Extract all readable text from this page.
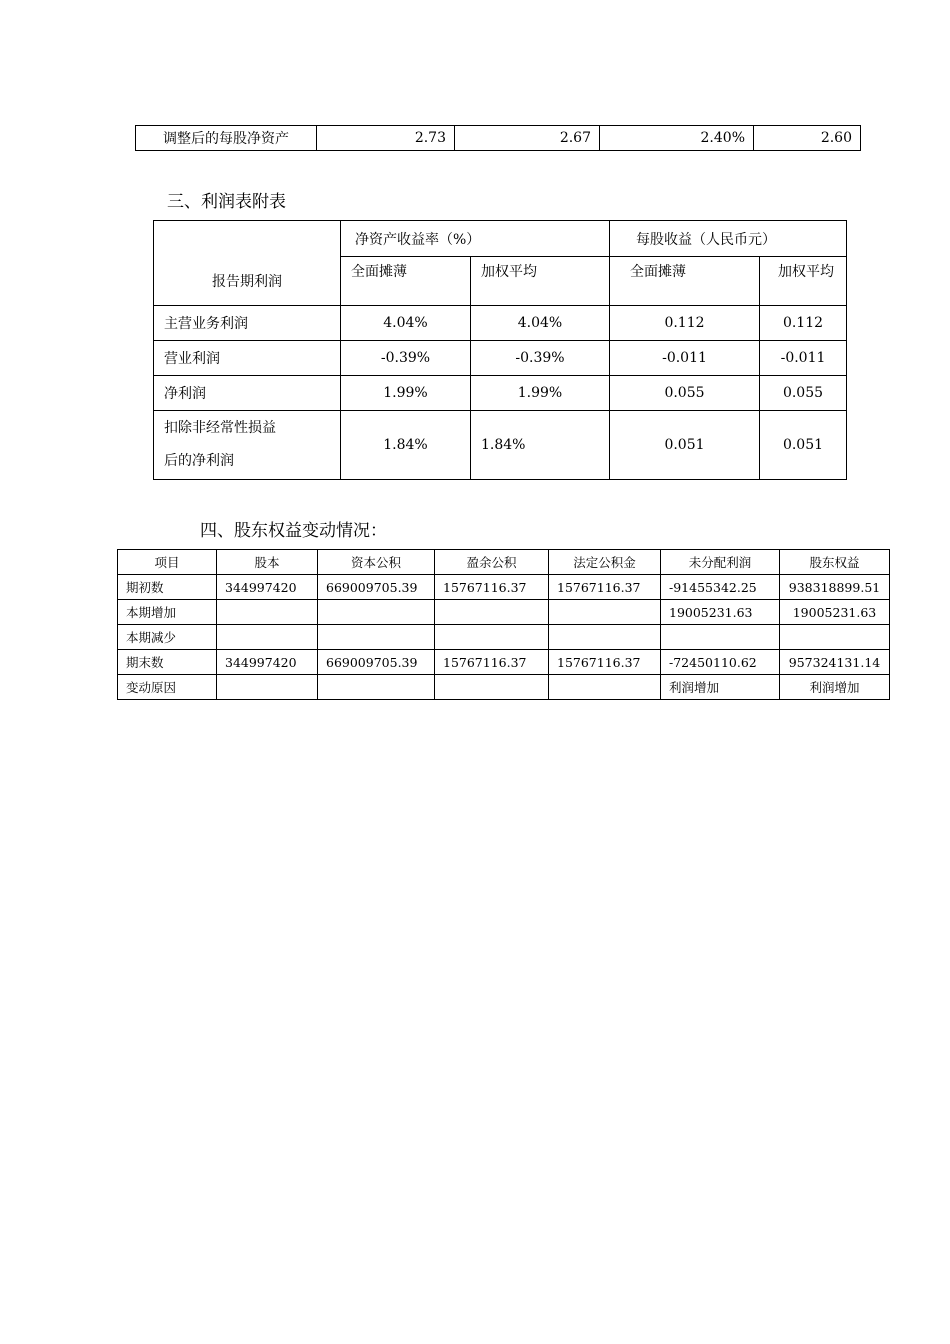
调整后的每股净资产	2.73	2.67	2.40%	2.60

三、利润表附表

报告期利润	净资产收益率（%）		每股收益（人民币元）	
	全面摊薄	加权平均	全面摊薄	加权平均
主营业务利润	4.04%	4.04%	0.112	0.112
营业利润	-0.39%	-0.39%	-0.011	-0.011
净利润	1.99%	1.99%	0.055	0.055
扣除非经常性损益
后的净利润	1.84%	1.84%	0.051	0.051

四、股东权益变动情况：

项目	股本	资本公积	盈余公积	法定公积金	未分配利润	股东权益
期初数	344997420	669009705.39	15767116.37	15767116.37	-91455342.25	938318899.51
本期增加					19005231.63	19005231.63
本期减少						
期末数	344997420	669009705.39	15767116.37	15767116.37	-72450110.62	957324131.14
变动原因					利润增加	利润增加
